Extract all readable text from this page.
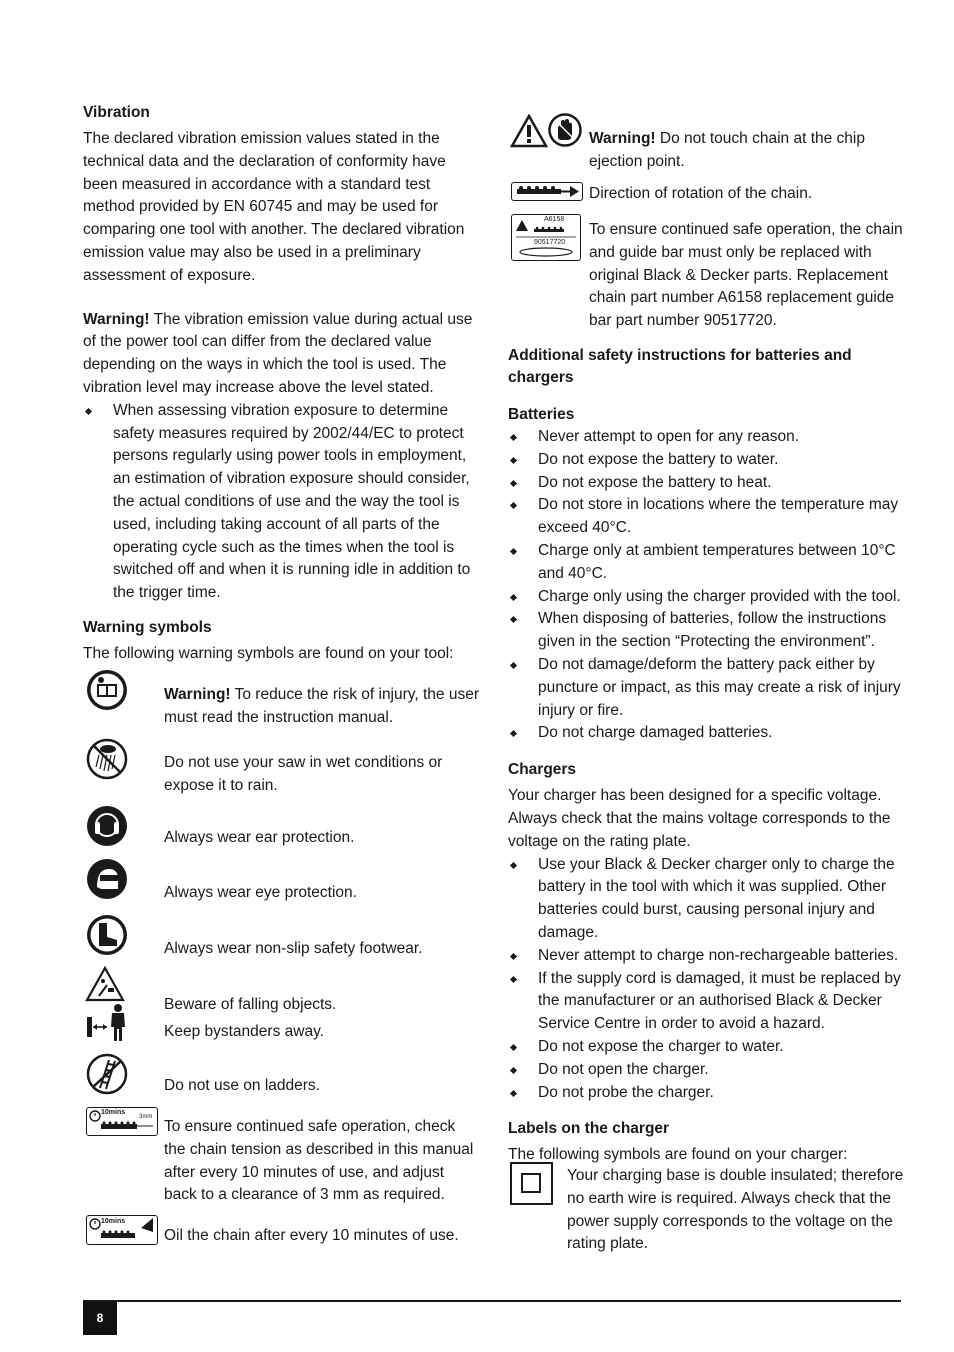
Vibration

The declared vibration emission values stated in the technical data and the declaration of conformity have been measured in accordance with a standard test method provided by EN 60745 and may be used for comparing one tool with another. The declared vibration emission value may also be used in a preliminary assessment of exposure.

Warning! The vibration emission value during actual use of the power tool can differ from the declared value depending on the ways in which the tool is used. The vibration level may increase above the level stated.

When assessing vibration exposure to determine safety measures required by 2002/44/EC to protect persons regularly using power tools in employment, an estimation of vibration exposure should consider, the actual conditions of use and the way the tool is used, including taking account of all parts of the operating cycle such as the times when the tool is switched off and when it is running idle in addition to the trigger time.
Warning symbols

The following warning symbols are found on your tool:

Warning! To reduce the risk of injury, the user must read the instruction manual.
Do not use your saw in wet conditions or expose it to rain.
Always wear ear protection.
Always wear eye protection.
Always wear non-slip safety footwear.
Beware of falling objects.
Keep bystanders away.
Do not use on ladders.
10mins
3mm
To ensure continued safe operation, check the chain tension as described in this manual after every 10 minutes of use, and adjust back to a clearance of 3 mm as required.
10mins
Oil the chain after every 10 minutes of use.
Warning! Do not touch chain at the chip ejection point.
Direction of rotation of the chain.
A6158
90517720
To ensure continued safe operation, the chain and guide bar must only be replaced with original Black & Decker parts. Replacement chain part number A6158 replacement guide bar part number 90517720.
Additional safety instructions for batteries and chargers
Batteries
Never attempt to open for any reason.
Do not expose the battery to water.
Do not expose the battery to heat.
Do not store in locations where the temperature may exceed 40°C.
Charge only at ambient temperatures between 10°C and 40°C.
Charge only using the charger provided with the tool.
When disposing of batteries, follow the instructions given in the section “Protecting the environment”.
Do not damage/deform the battery pack either by puncture or impact, as this may create a risk of injury injury or fire.
Do not charge damaged batteries.
Chargers

Your charger has been designed for a specific voltage. Always check that the mains voltage corresponds to the voltage on the rating plate.

Use your Black & Decker charger only to charge the battery in the tool with which it was supplied. Other batteries could burst, causing personal injury and damage.
Never attempt to charge non-rechargeable batteries.
If the supply cord is damaged, it must be replaced by the manufacturer or an authorised Black & Decker Service Centre in order to avoid a hazard.
Do not expose the charger to water.
Do not open the charger.
Do not probe the charger.
Labels on the charger

The following symbols are found on your charger:

Your charging base is double insulated; therefore no earth wire is required. Always check that the power supply corresponds to the voltage on the rating plate.
8
